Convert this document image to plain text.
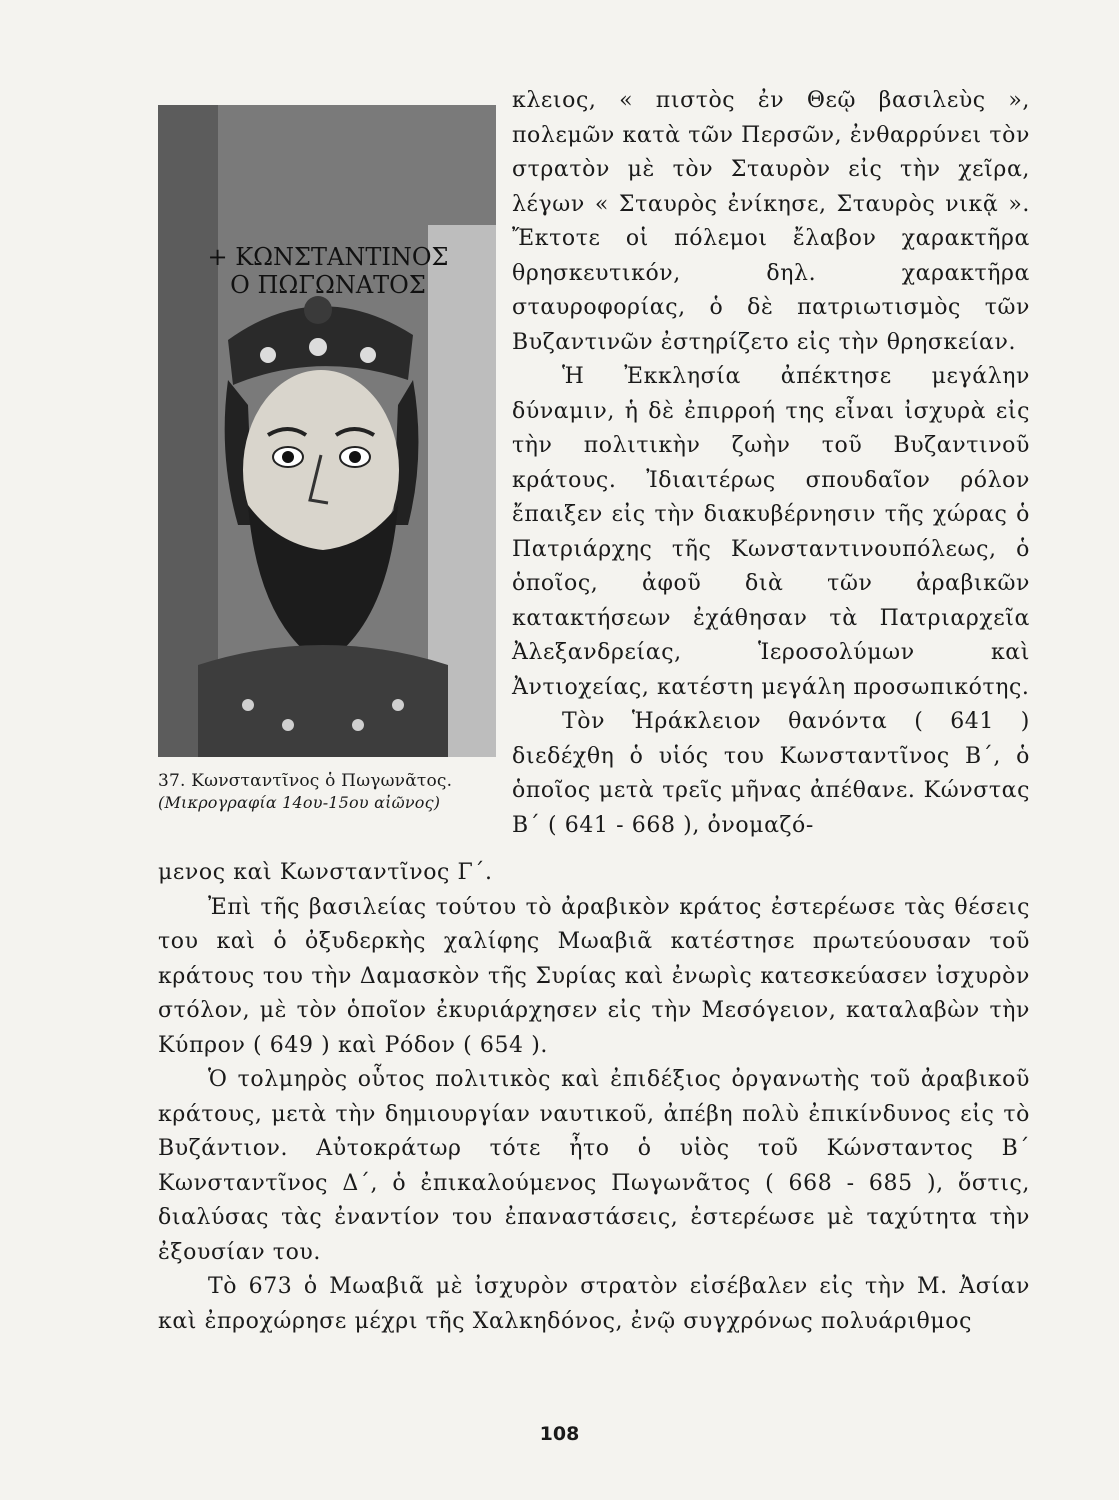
+ ΚΩΝΣΤΑΝΤΙΝΟΣ
Ο ΠΩΓΩΝΑΤΟΣ
37. Κωνσταντῖνος ὁ Πωγωνᾶτος.
(Μικρογραφία 14ου-15ου αἰῶνος)

κλειος, « πιστὸς ἐν Θεῷ βασιλεὺς », πολεμῶν κατὰ τῶν Περσῶν, ἐνθαρρύνει τὸν στρατὸν μὲ τὸν Σταυρὸν εἰς τὴν χεῖρα, λέγων « Σταυρὸς ἐνίκησε, Σταυρὸς νικᾷ ». Ἔκτοτε οἱ πόλεμοι ἔλαβον χαρακτῆρα θρησκευτικόν, δηλ. χαρακτῆρα σταυροφορίας, ὁ δὲ πατριωτισμὸς τῶν Βυζαντινῶν ἐστηρίζετο εἰς τὴν θρησκείαν.

Ἡ Ἐκκλησία ἀπέκτησε μεγάλην δύναμιν, ἡ δὲ ἐπιρροή της εἶναι ἰσχυρὰ εἰς τὴν πολιτικὴν ζωὴν τοῦ Βυζαντινοῦ κράτους. Ἰδιαιτέρως σπουδαῖον ρόλον ἔπαιξεν εἰς τὴν διακυβέρνησιν τῆς χώρας ὁ Πατριάρχης τῆς Κωνσταντινουπόλεως, ὁ ὁποῖος, ἀφοῦ διὰ τῶν ἀραβικῶν κατακτήσεων ἐχάθησαν τὰ Πατριαρχεῖα Ἀλεξανδρείας, Ἱεροσολύμων καὶ Ἀντιοχείας, κατέστη μεγάλη προσωπικότης.

Τὸν Ἡράκλειον θανόντα ( 641 ) διεδέχθη ὁ υἱός του Κωνσταντῖνος Β΄, ὁ ὁποῖος μετὰ τρεῖς μῆνας ἀπέθανε. Κώνστας Β΄ ( 641 - 668 ), ὀνομαζό-

μενος καὶ Κωνσταντῖνος Γ΄.

Ἐπὶ τῆς βασιλείας τούτου τὸ ἀραβικὸν κράτος ἐστερέωσε τὰς θέσεις του καὶ ὁ ὀξυδερκὴς χαλίφης Μωαβιᾶ κατέστησε πρωτεύουσαν τοῦ κράτους του τὴν Δαμασκὸν τῆς Συρίας καὶ ἐνωρὶς κατεσκεύασεν ἰσχυρὸν στόλον, μὲ τὸν ὁποῖον ἐκυριάρχησεν εἰς τὴν Μεσόγειον, καταλαβὼν τὴν Κύπρον ( 649 ) καὶ Ρόδον ( 654 ).

Ὁ τολμηρὸς οὗτος πολιτικὸς καὶ ἐπιδέξιος ὀργανωτὴς τοῦ ἀραβικοῦ κράτους, μετὰ τὴν δημιουργίαν ναυτικοῦ, ἀπέβη πολὺ ἐπικίνδυνος εἰς τὸ Βυζάντιον. Αὐτοκράτωρ τότε ἦτο ὁ υἱὸς τοῦ Κώνσταντος Β΄ Κωνσταντῖνος Δ΄, ὁ ἐπικαλούμενος Πωγωνᾶτος ( 668 - 685 ), ὅστις, διαλύσας τὰς ἐναντίον του ἐπαναστάσεις, ἐστερέωσε μὲ ταχύτητα τὴν ἐξουσίαν του.

Τὸ 673 ὁ Μωαβιᾶ μὲ ἰσχυρὸν στρατὸν εἰσέβαλεν εἰς τὴν Μ. Ἀσίαν καὶ ἐπροχώρησε μέχρι τῆς Χαλκηδόνος, ἐνῷ συγχρόνως πολυάριθμος

108
